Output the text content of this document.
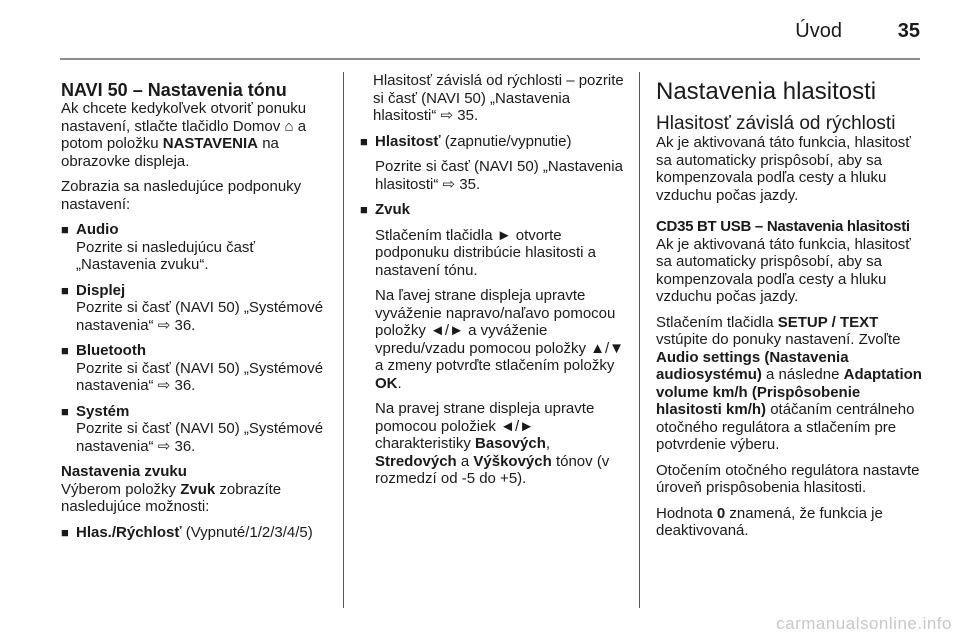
Úvod	35
NAVI 50 – Nastavenia tónu

Ak chcete kedykoľvek otvoriť ponuku nastavení, stlačte tlačidlo Domov ⌂ a potom položku NASTAVENIA na obrazovke displeja.

Zobrazia sa nasledujúce podponuky nastavení:

■ Audio
Pozrite si nasledujúcu časť „Nastavenia zvuku“.
■ Displej
Pozrite si časť (NAVI 50) „Systémové nastavenia“ ⇨ 36.
■ Bluetooth
Pozrite si časť (NAVI 50) „Systémové nastavenia“ ⇨ 36.
■ Systém
Pozrite si časť (NAVI 50) „Systémové nastavenia“ ⇨ 36.
Nastavenia zvuku

Výberom položky Zvuk zobrazíte nasledujúce možnosti:

■ Hlas./Rýchlosť (Vypnuté/1/2/3/4/5)

Hlasitosť závislá od rýchlosti – pozrite si časť (NAVI 50) „Nastavenia hlasitosti“ ⇨ 35.

■ Hlasitosť (zapnutie/vypnutie)
Pozrite si časť (NAVI 50) „Nastavenia hlasitosti“ ⇨ 35.
■ Zvuk

Stlačením tlačidla ► otvorte podponuku distribúcie hlasitosti a nastavení tónu.

Na ľavej strane displeja upravte vyváženie napravo/naľavo pomocou položky ◄/► a vyváženie vpredu/vzadu pomocou položky ▲/▼ a zmeny potvrďte stlačením položky OK.

Na pravej strane displeja upravte pomocou položiek ◄/► charakteristiky Basových, Stredových a Výškových tónov (v rozmedzí od -5 do +5).

Nastavenia hlasitosti
Hlasitosť závislá od rýchlosti

Ak je aktivovaná táto funkcia, hlasitosť sa automaticky prispôsobí, aby sa kompenzovala podľa cesty a hluku vzduchu počas jazdy.

CD35 BT USB – Nastavenia hlasitosti

Ak je aktivovaná táto funkcia, hlasitosť sa automaticky prispôsobí, aby sa kompenzovala podľa cesty a hluku vzduchu počas jazdy.

Stlačením tlačidla SETUP / TEXT vstúpite do ponuky nastavení. Zvoľte Audio settings (Nastavenia audiosystému) a následne Adaptation volume km/h (Prispôsobenie hlasitosti km/h) otáčaním centrálneho otočného regulátora a stlačením pre potvrdenie výberu.

Otočením otočného regulátora nastavte úroveň prispôsobenia hlasitosti.

Hodnota 0 znamená, že funkcia je deaktivovaná.

carmanualsonline.info
